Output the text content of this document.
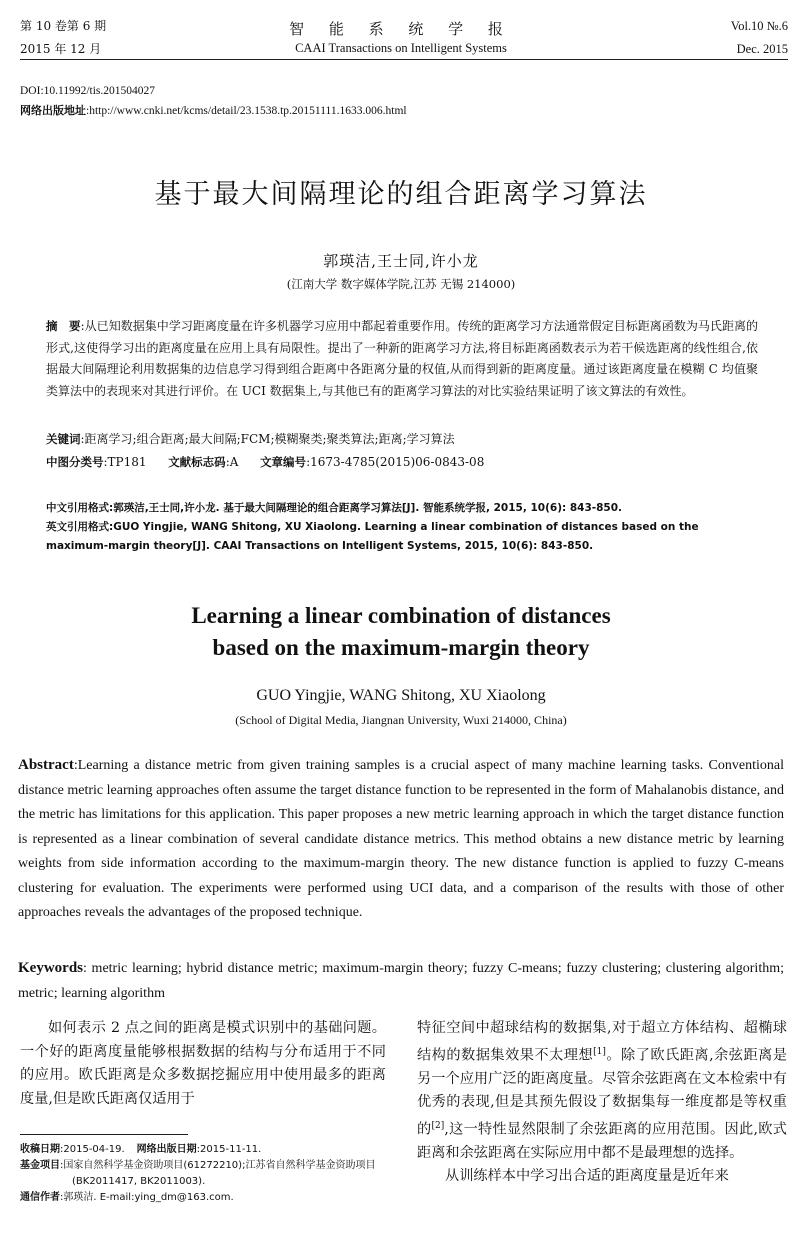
第 10 卷第 6 期
2015 年 12 月
智 能 系 统 学 报
CAAI Transactions on Intelligent Systems
Vol.10 №.6
Dec. 2015
DOI:10.11992/tis.201504027
网络出版地址:http://www.cnki.net/kcms/detail/23.1538.tp.20151111.1633.006.html
基于最大间隔理论的组合距离学习算法
郭瑛洁,王士同,许小龙
(江南大学 数字媒体学院,江苏 无锡 214000)
摘　要:从已知数据集中学习距离度量在许多机器学习应用中都起着重要作用。传统的距离学习方法通常假定目标距离函数为马氏距离的形式,这使得学习出的距离度量在应用上具有局限性。提出了一种新的距离学习方法,将目标距离函数表示为若干候选距离的线性组合,依据最大间隔理论利用数据集的边信息学习得到组合距离中各距离分量的权值,从而得到新的距离度量。通过该距离度量在模糊 C 均值聚类算法中的表现来对其进行评价。在 UCI 数据集上,与其他已有的距离学习算法的对比实验结果证明了该文算法的有效性。
关键词:距离学习;组合距离;最大间隔;FCM;模糊聚类;聚类算法;距离;学习算法
中图分类号:TP181 文献标志码:A 文章编号:1673-4785(2015)06-0843-08
中文引用格式:郭瑛洁,王士同,许小龙. 基于最大间隔理论的组合距离学习算法[J]. 智能系统学报, 2015, 10(6): 843-850.
英文引用格式:GUO Yingjie, WANG Shitong, XU Xiaolong. Learning a linear combination of distances based on the maximum-margin theory[J]. CAAI Transactions on Intelligent Systems, 2015, 10(6): 843-850.
Learning a linear combination of distances
based on the maximum-margin theory
GUO Yingjie, WANG Shitong, XU Xiaolong
(School of Digital Media, Jiangnan University, Wuxi 214000, China)
Abstract:Learning a distance metric from given training samples is a crucial aspect of many machine learning tasks. Conventional distance metric learning approaches often assume the target distance function to be represented in the form of Mahalanobis distance, and the metric has limitations for this application. This paper proposes a new metric learning approach in which the target distance function is represented as a linear combination of several candidate distance metrics. This method obtains a new distance metric by learning weights from side information according to the maximum-margin theory. The new distance function is applied to fuzzy C-means clustering for evaluation. The experiments were performed using UCI data, and a comparison of the results with those of other approaches reveals the advantages of the proposed technique.
Keywords: metric learning; hybrid distance metric; maximum-margin theory; fuzzy C-means; fuzzy clustering; clustering algorithm; metric; learning algorithm
如何表示 2 点之间的距离是模式识别中的基础问题。一个好的距离度量能够根据数据的结构与分布适用于不同的应用。欧氏距离是众多数据挖掘应用中使用最多的距离度量,但是欧氏距离仅适用于
特征空间中超球结构的数据集,对于超立方体结构、超椭球结构的数据集效果不太理想[1]。除了欧氏距离,余弦距离是另一个应用广泛的距离度量。尽管余弦距离在文本检索中有优秀的表现,但是其预先假设了数据集每一维度都是等权重的[2],这一特性显然限制了余弦距离的应用范围。因此,欧式距离和余弦距离在实际应用中都不是最理想的选择。
从训练样本中学习出合适的距离度量是近年来
收稿日期:2015-04-19. 网络出版日期:2015-11-11.
基金项目:国家自然科学基金资助项目(61272210);江苏省自然科学基金资助项目(BK2011417, BK2011003).
通信作者:郭瑛洁. E-mail:ying_dm@163.com.
